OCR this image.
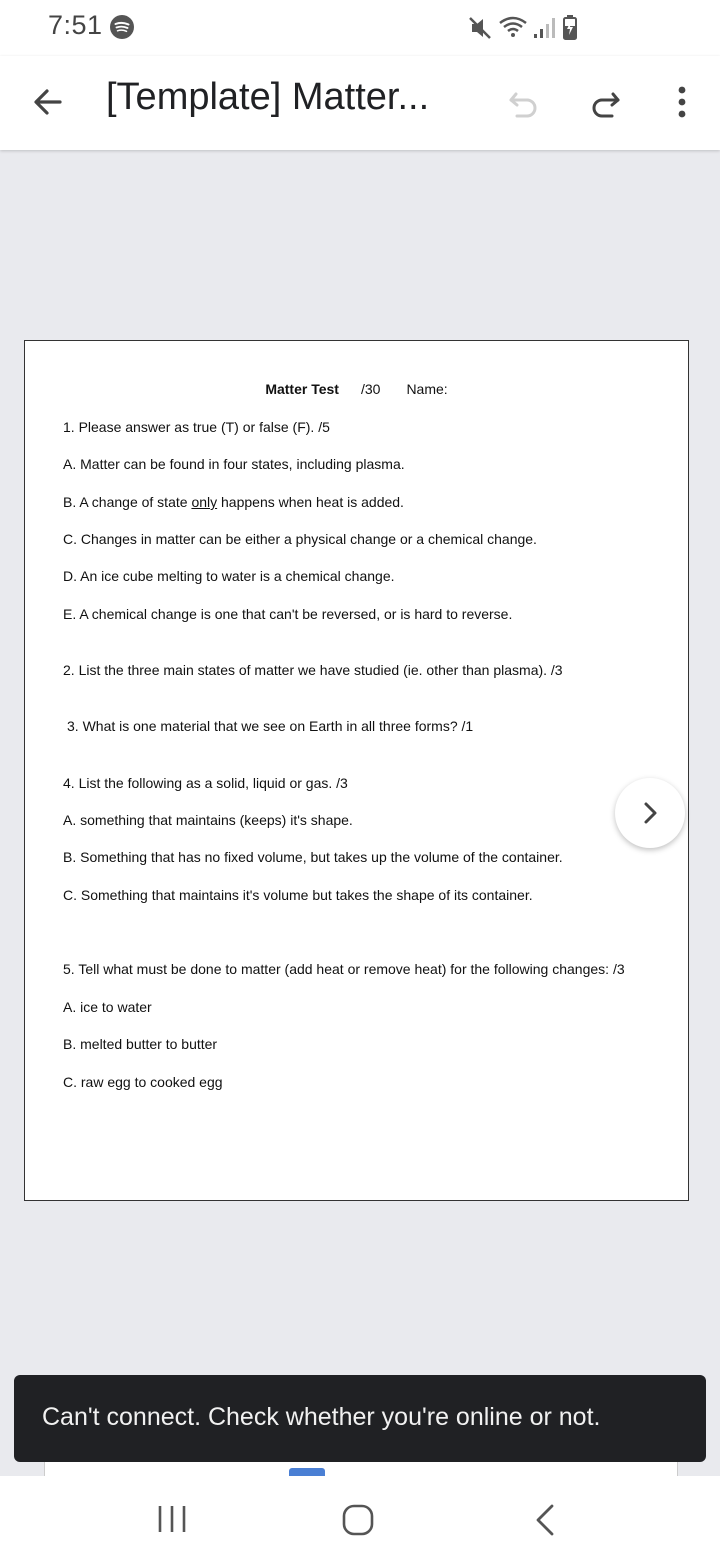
7:51
[Template] Matter...
Matter Test /30 Name:
1. Please answer as true (T) or false (F). /5
A. Matter can be found in four states, including plasma.
B. A change of state only happens when heat is added.
C. Changes in matter can be either a physical change or a chemical change.
D. An ice cube melting to water is a chemical change.
E. A chemical change is one that can't be reversed, or is hard to reverse.
2. List the three main states of matter we have studied (ie. other than plasma). /3
3. What is one material that we see on Earth in all three forms? /1
4. List the following as a solid, liquid or gas. /3
A. something that maintains (keeps) it's shape.
B. Something that has no fixed volume, but takes up the volume of the container.
C. Something that maintains it's volume but takes the shape of its container.
5. Tell what must be done to matter (add heat or remove heat) for the following changes: /3
A. ice to water
B. melted butter to butter
C. raw egg to cooked egg
Can't connect. Check whether you're online or not.
